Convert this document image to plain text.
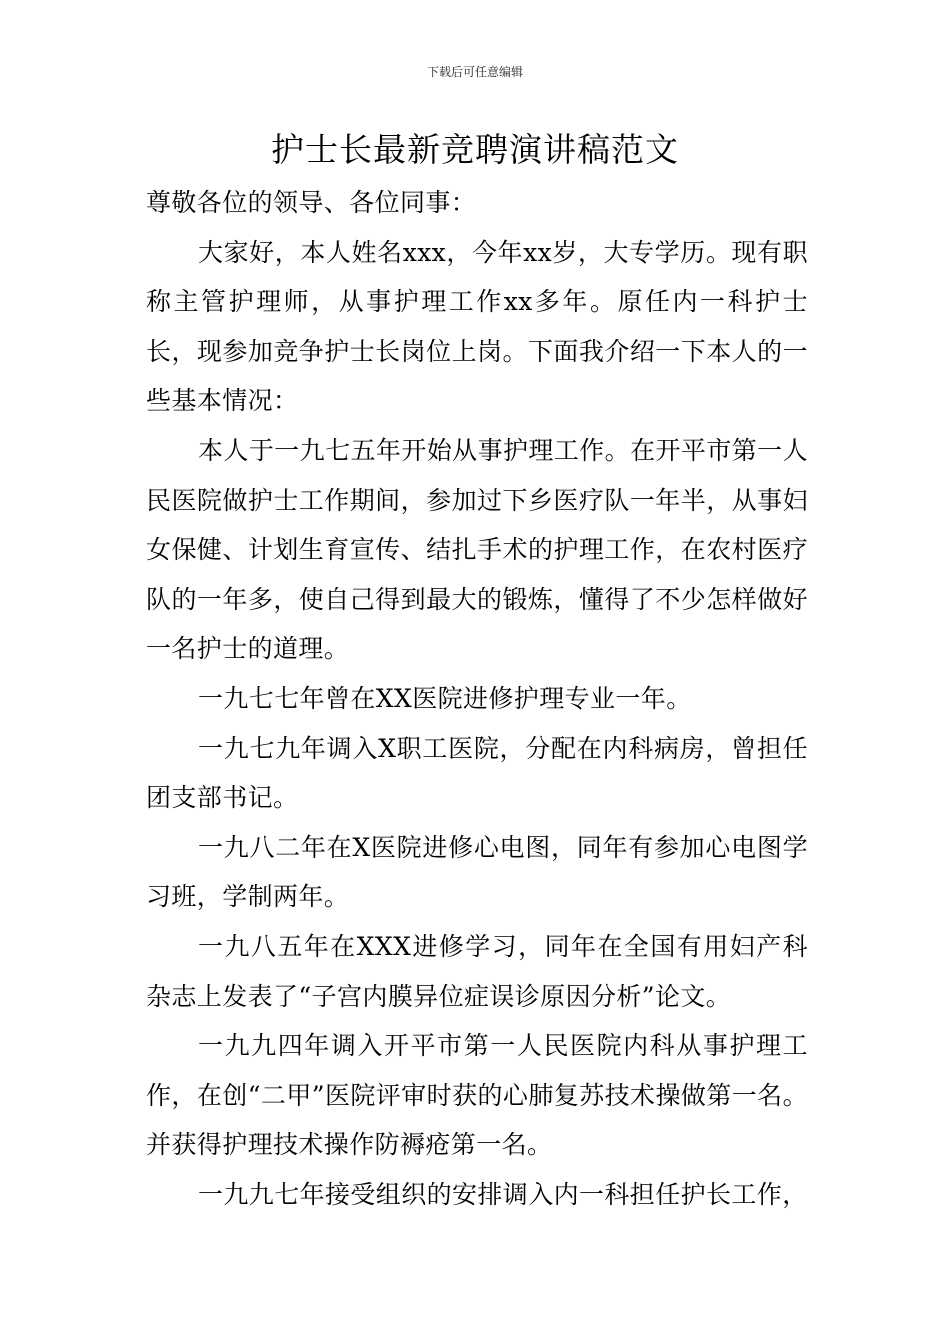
下载后可任意编辑
护士长最新竞聘演讲稿范文

尊敬各位的领导、各位同事：

大家好，本人姓名xxx，今年xx岁，大专学历。现有职称主管护理师，从事护理工作xx多年。原任内一科护士长，现参加竞争护士长岗位上岗。下面我介绍一下本人的一些基本情况：

本人于一九七五年开始从事护理工作。在开平市第一人民医院做护士工作期间，参加过下乡医疗队一年半，从事妇女保健、计划生育宣传、结扎手术的护理工作，在农村医疗队的一年多，使自己得到最大的锻炼，懂得了不少怎样做好一名护士的道理。

一九七七年曾在XX医院进修护理专业一年。

一九七九年调入X职工医院，分配在内科病房，曾担任团支部书记。

一九八二年在X医院进修心电图，同年有参加心电图学习班，学制两年。

一九八五年在XXX进修学习，同年在全国有用妇产科杂志上发表了“子宫内膜异位症误诊原因分析”论文。

一九九四年调入开平市第一人民医院内科从事护理工作，在创“二甲”医院评审时获的心肺复苏技术操做第一名。并获得护理技术操作防褥疮第一名。

一九九七年接受组织的安排调入内一科担任护长工作，
